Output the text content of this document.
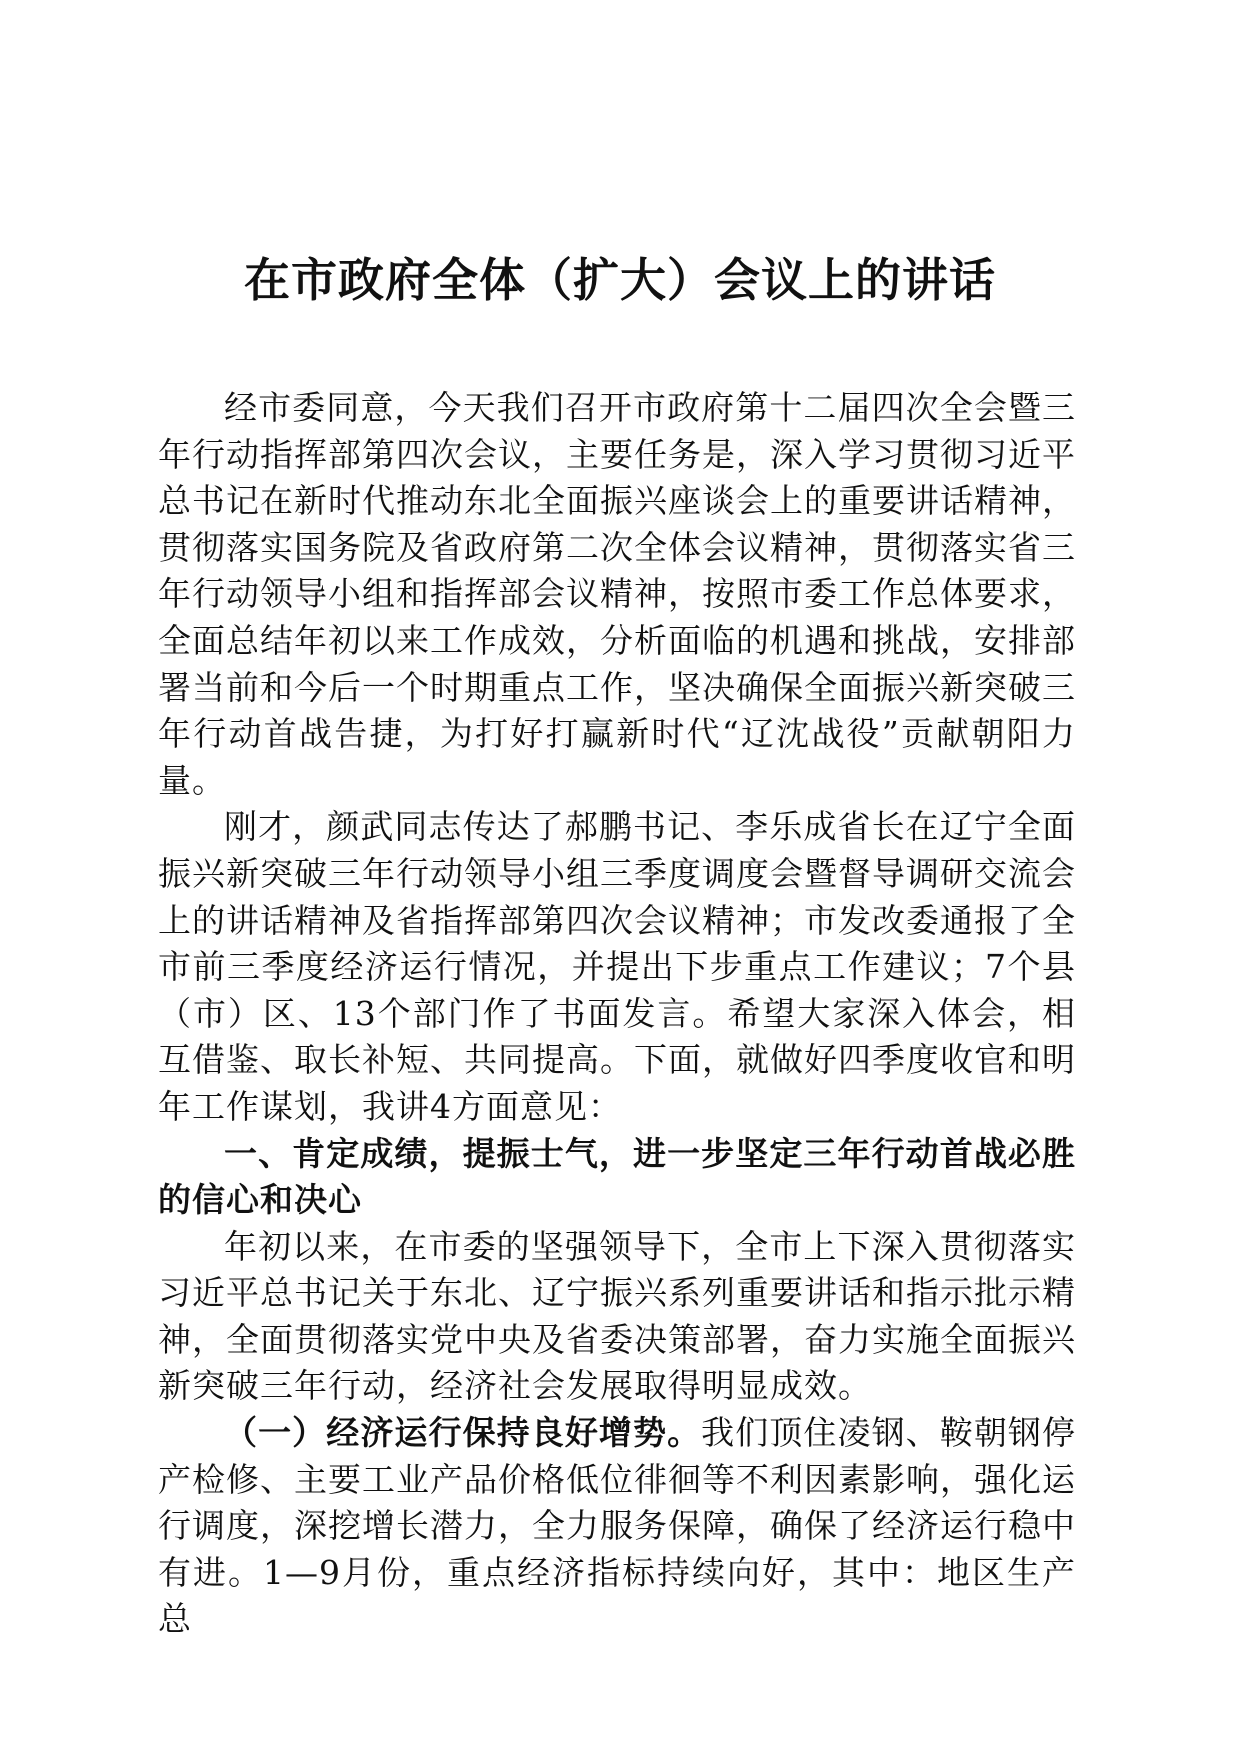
在市政府全体（扩大）会议上的讲话

经市委同意，今天我们召开市政府第十二届四次全会暨三年行动指挥部第四次会议，主要任务是，深入学习贯彻习近平总书记在新时代推动东北全面振兴座谈会上的重要讲话精神，贯彻落实国务院及省政府第二次全体会议精神，贯彻落实省三年行动领导小组和指挥部会议精神，按照市委工作总体要求，全面总结年初以来工作成效，分析面临的机遇和挑战，安排部署当前和今后一个时期重点工作，坚决确保全面振兴新突破三年行动首战告捷，为打好打赢新时代“辽沈战役”贡献朝阳力量。

刚才，颜武同志传达了郝鹏书记、李乐成省长在辽宁全面振兴新突破三年行动领导小组三季度调度会暨督导调研交流会上的讲话精神及省指挥部第四次会议精神；市发改委通报了全市前三季度经济运行情况，并提出下步重点工作建议；7个县（市）区、13个部门作了书面发言。希望大家深入体会，相互借鉴、取长补短、共同提高。下面，就做好四季度收官和明年工作谋划，我讲4方面意见：

一、肯定成绩，提振士气，进一步坚定三年行动首战必胜的信心和决心

年初以来，在市委的坚强领导下，全市上下深入贯彻落实习近平总书记关于东北、辽宁振兴系列重要讲话和指示批示精神，全面贯彻落实党中央及省委决策部署，奋力实施全面振兴新突破三年行动，经济社会发展取得明显成效。

（一）经济运行保持良好增势。我们顶住凌钢、鞍朝钢停产检修、主要工业产品价格低位徘徊等不利因素影响，强化运行调度，深挖增长潜力，全力服务保障，确保了经济运行稳中有进。1—9月份，重点经济指标持续向好，其中：地区生产总
